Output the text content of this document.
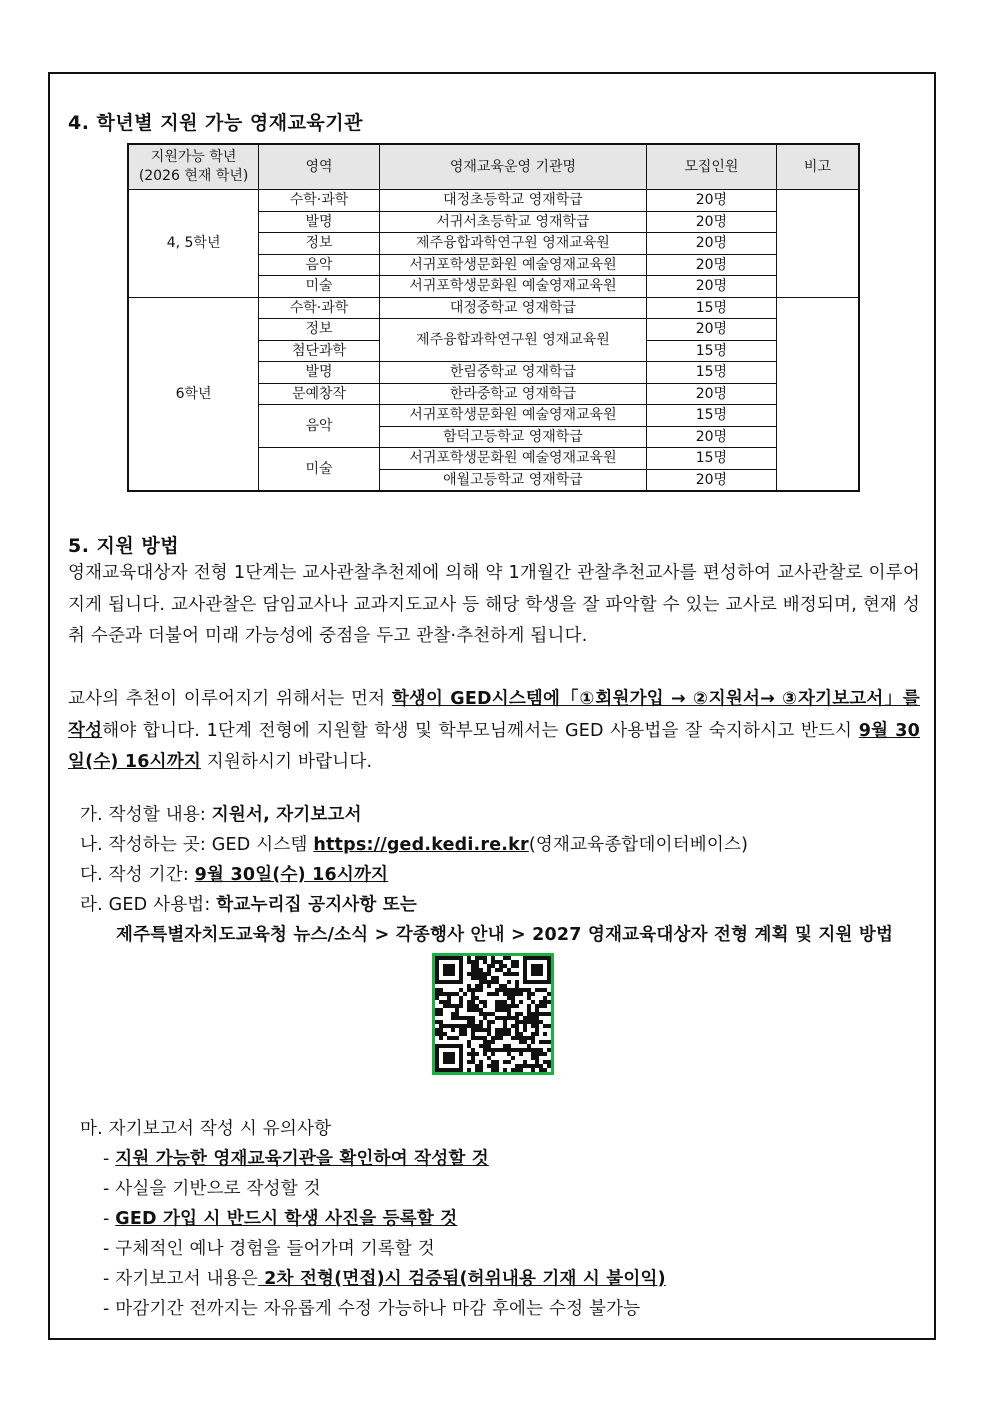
4. 학년별 지원 가능 영재교육기관
지원가능 학년
(2026 현재 학년)	영역	영재교육운영 기관명	모집인원	비고
4, 5학년	수학·과학	대정초등학교 영재학급	20명	
	발명	서귀서초등학교 영재학급	20명	
	정보	제주융합과학연구원 영재교육원	20명	
	음악	서귀포학생문화원 예술영재교육원	20명	
	미술	서귀포학생문화원 예술영재교육원	20명	
6학년	수학·과학	대정중학교 영재학급	15명	
	정보	제주융합과학연구원 영재교육원	20명	
	첨단과학		15명	
	발명	한림중학교 영재학급	15명	
	문예창작	한라중학교 영재학급	20명	
	음악	서귀포학생문화원 예술영재교육원	15명	
		함덕고등학교 영재학급	20명	
	미술	서귀포학생문화원 예술영재교육원	15명	
		애월고등학교 영재학급	20명	
5. 지원 방법
영재교육대상자 전형 1단계는 교사관찰추천제에 의해 약 1개월간 관찰추천교사를 편성하여 교사관찰로 이루어지게 됩니다. 교사관찰은 담임교사나 교과지도교사 등 해당 학생을 잘 파악할 수 있는 교사로 배정되며, 현재 성취 수준과 더불어 미래 가능성에 중점을 두고 관찰·추천하게 됩니다.
교사의 추천이 이루어지기 위해서는 먼저 학생이 GED시스템에「①회원가입 → ②지원서→ ③자기보고서」를 작성해야 합니다. 1단계 전형에 지원할 학생 및 학부모님께서는 GED 사용법을 잘 숙지하시고 반드시 9월 30일(수) 16시까지 지원하시기 바랍니다.
가. 작성할 내용: 지원서, 자기보고서
나. 작성하는 곳: GED 시스템 https://ged.kedi.re.kr(영재교육종합데이터베이스)
다. 작성 기간: 9월 30일(수) 16시까지
라. GED 사용법: 학교누리집 공지사항 또는
제주특별자치도교육청 뉴스/소식 > 각종행사 안내 > 2027 영재교육대상자 전형 계획 및 지원 방법
마. 자기보고서 작성 시 유의사항
- 지원 가능한 영재교육기관을 확인하여 작성할 것
- 사실을 기반으로 작성할 것
- GED 가입 시 반드시 학생 사진을 등록할 것
- 구체적인 예나 경험을 들어가며 기록할 것
- 자기보고서 내용은 2차 전형(면접)시 검증됨(허위내용 기재 시 불이익)
- 마감기간 전까지는 자유롭게 수정 가능하나 마감 후에는 수정 불가능
